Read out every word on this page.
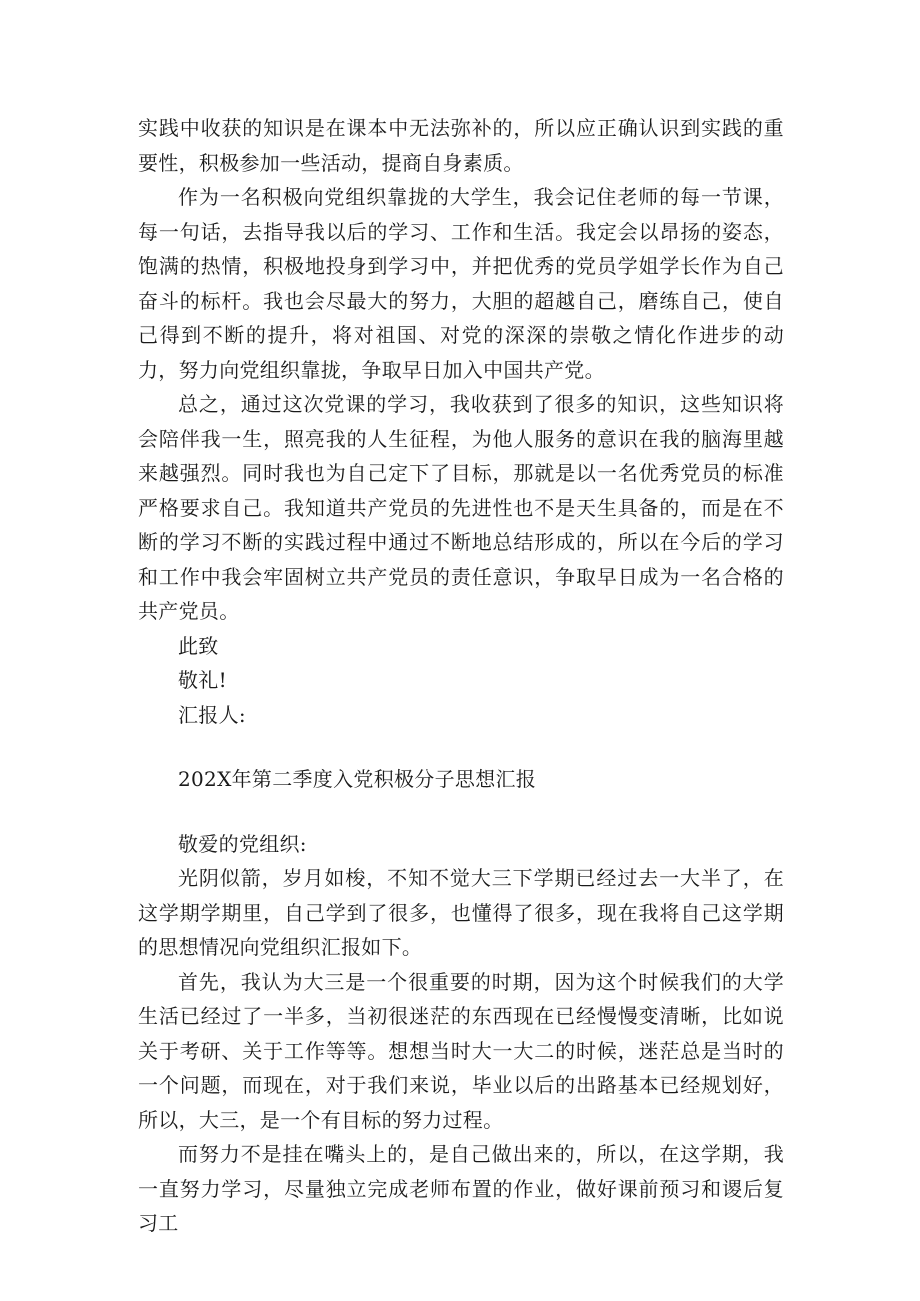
实践中收获的知识是在课本中无法弥补的，所以应正确认识到实践的重要性，积极参加一些活动，提商自身素质。

作为一名积极向党组织靠拢的大学生，我会记住老师的每一节课，每一句话，去指导我以后的学习、工作和生活。我定会以昂扬的姿态，饱满的热情，积极地投身到学习中，并把优秀的党员学姐学长作为自己奋斗的标杆。我也会尽最大的努力，大胆的超越自己，磨练自己，使自己得到不断的提升，将对祖国、对党的深深的崇敬之情化作进步的动力，努力向党组织靠拢，争取早日加入中国共产党。

总之，通过这次党课的学习，我收获到了很多的知识，这些知识将会陪伴我一生，照亮我的人生征程，为他人服务的意识在我的脑海里越来越强烈。同时我也为自己定下了目标，那就是以一名优秀党员的标准严格要求自己。我知道共产党员的先进性也不是天生具备的，而是在不断的学习不断的实践过程中通过不断地总结形成的，所以在今后的学习和工作中我会牢固树立共产党员的责任意识，争取早日成为一名合格的共产党员。

此致

敬礼!

汇报人:

202X年第二季度入党积极分子思想汇报

敬爱的党组织:

光阴似箭，岁月如梭，不知不觉大三下学期已经过去一大半了，在这学期学期里，自己学到了很多，也懂得了很多，现在我将自己这学期的思想情况向党组织汇报如下。

首先，我认为大三是一个很重要的时期，因为这个时候我们的大学生活已经过了一半多，当初很迷茫的东西现在已经慢慢变清晰，比如说关于考研、关于工作等等。想想当时大一大二的时候，迷茫总是当时的一个问题，而现在，对于我们来说，毕业以后的出路基本已经规划好，所以，大三，是一个有目标的努力过程。

而努力不是挂在嘴头上的，是自己做出来的，所以，在这学期，我一直努力学习，尽量独立完成老师布置的作业，做好课前预习和谡后复习工
